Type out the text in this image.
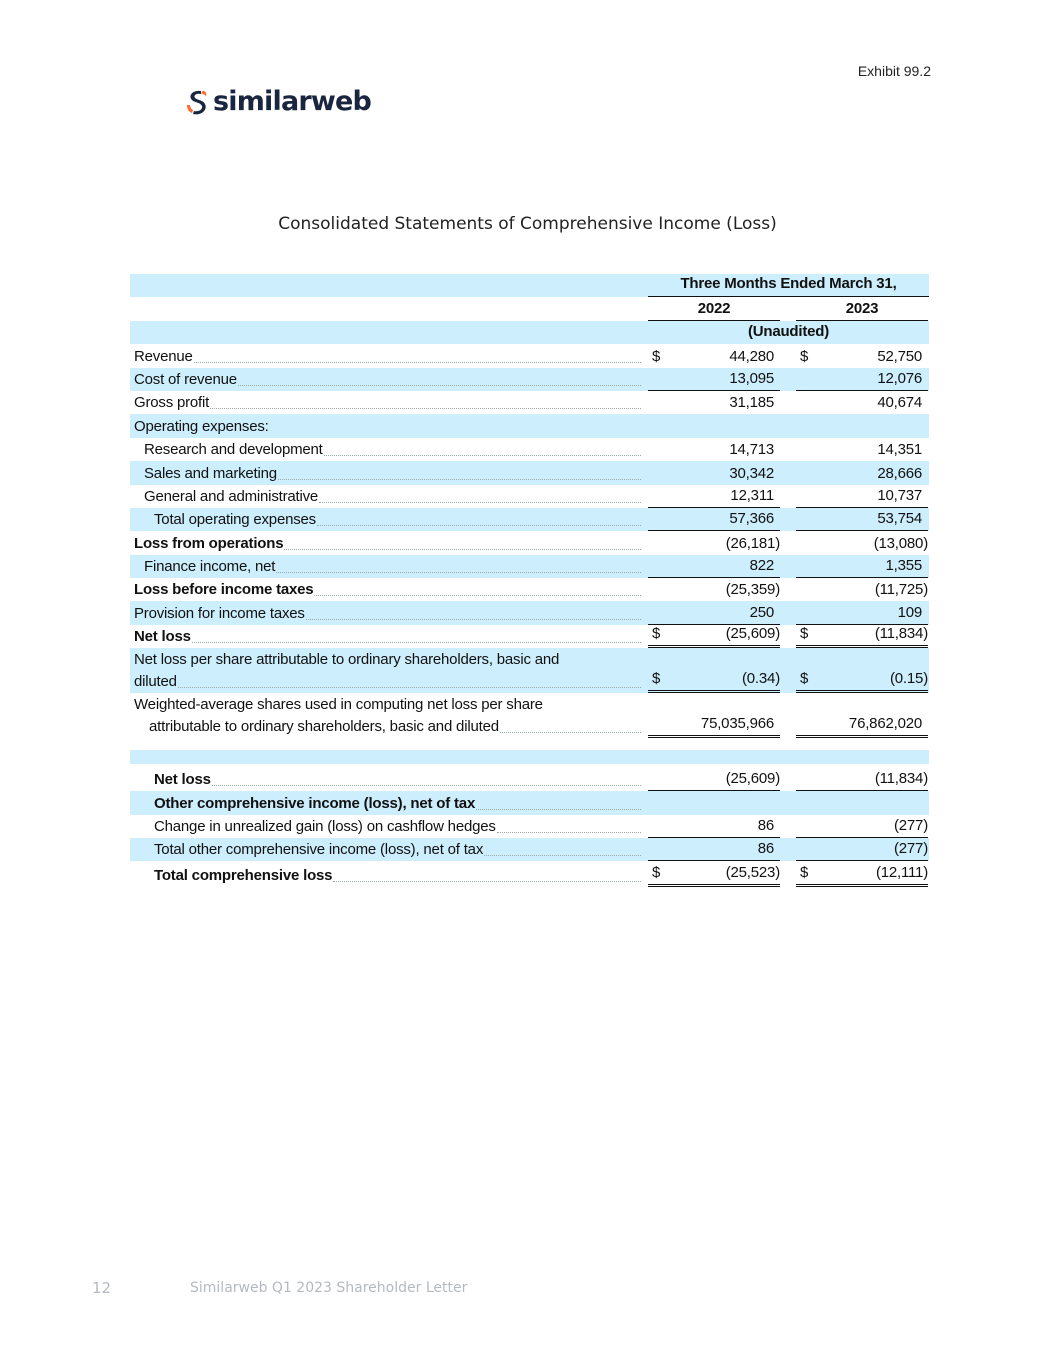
Exhibit 99.2
similarweb
Consolidated Statements of Comprehensive Income (Loss)
Three Months Ended March 31,
2022	2023
(Unaudited)
Revenue	$	44,280 $	52,750
Cost of revenue	13,095	12,076
Gross profit	31,185	40,674
Operating expenses:
Research and development	14,713	14,351
Sales and marketing	30,342	28,666
General and administrative	12,311	10,737
Total operating expenses	57,366	53,754
Loss from operations	(26,181)	(13,080)
Finance income, net	822	1,355
Loss before income taxes	(25,359)	(11,725)
Provision for income taxes	250	109
Net loss	$	(25,609) $	(11,834)
Net loss per share attributable to ordinary shareholders, basic and
diluted	$	(0.34) $	(0.15)
Weighted-average shares used in computing net loss per share
attributable to ordinary shareholders, basic and diluted	75,035,966	76,862,020
Net loss	(25,609)	(11,834)
Other comprehensive income (loss), net of tax
Change in unrealized gain (loss) on cashflow hedges	86	(277)
Total other comprehensive income (loss), net of tax	86	(277)
Total comprehensive loss	$	(25,523) $	(12,111)
12	Similarweb Q1 2023 Shareholder Letter
